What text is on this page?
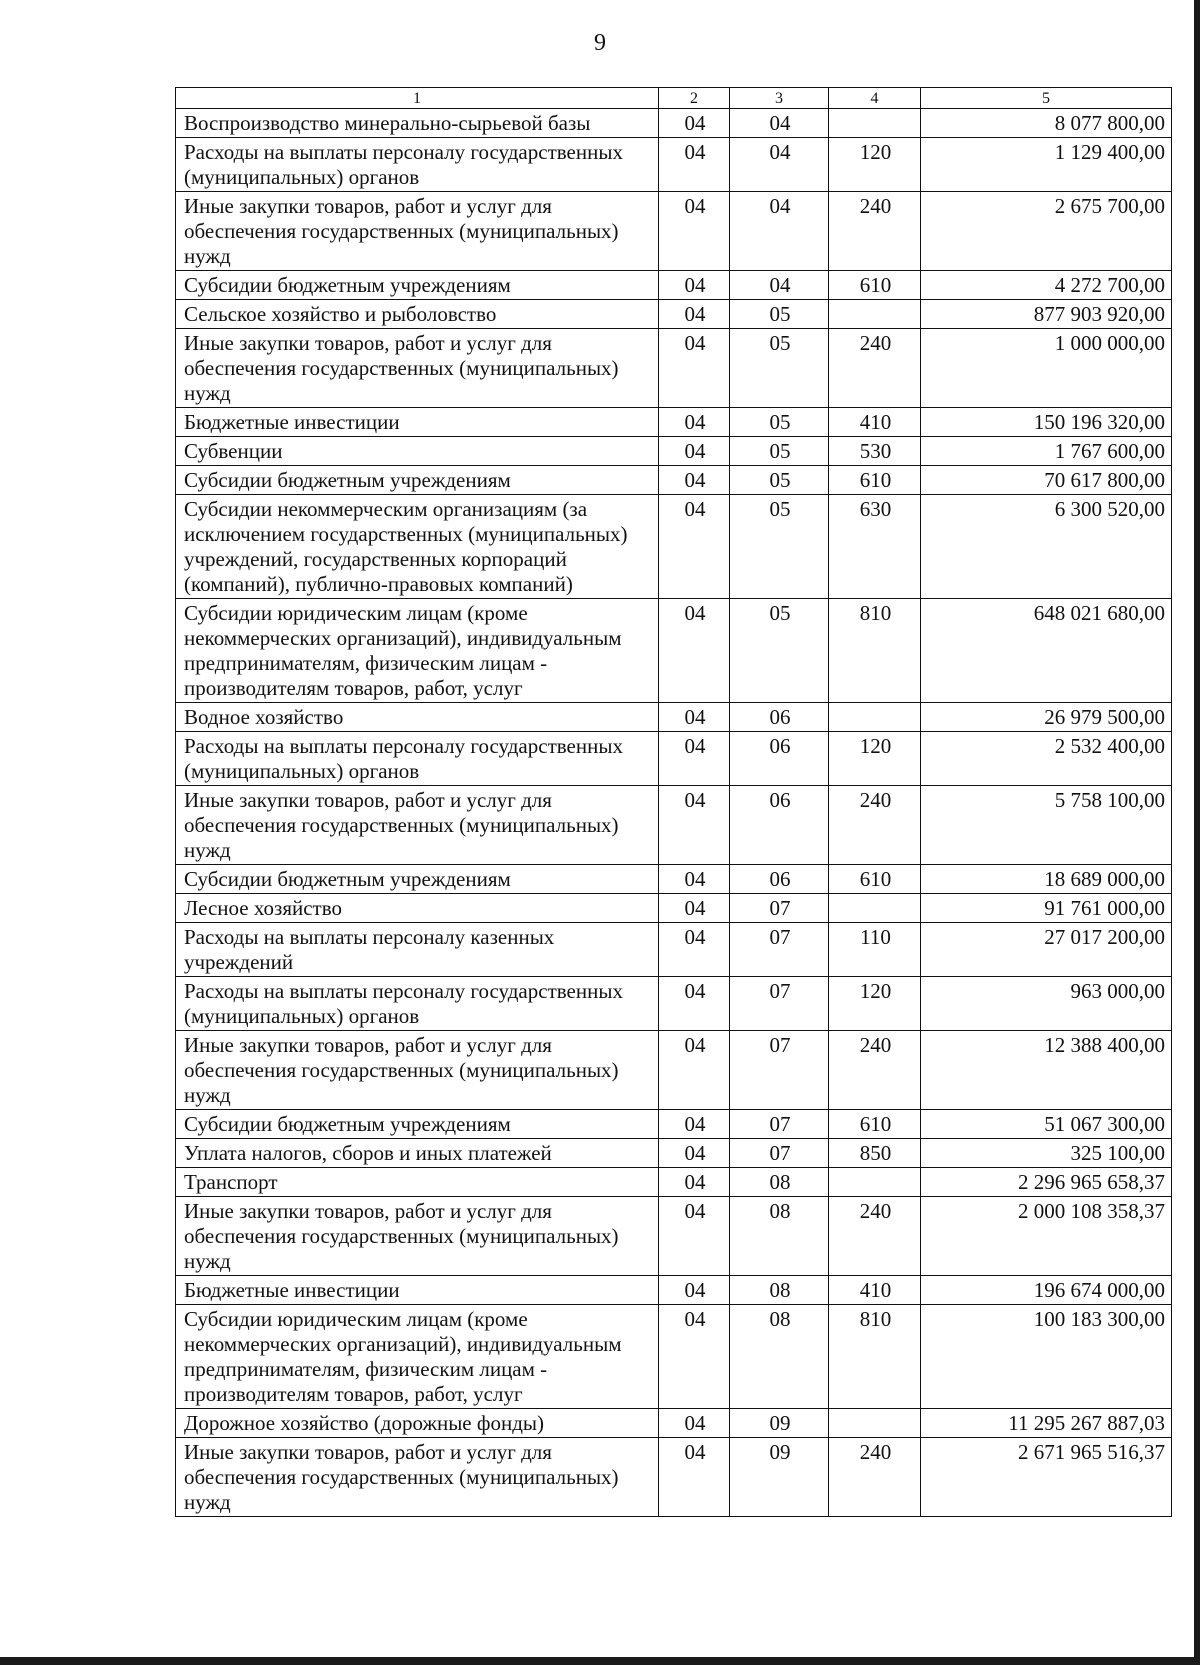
9
1	2	3	4	5
Воспроизводство минерально-сырьевой базы	04	04		8 077 800,00
Расходы на выплаты персоналу государственных (муниципальных) органов	04	04	120	1 129 400,00
Иные закупки товаров, работ и услуг для обеспечения государственных (муниципальных) нужд	04	04	240	2 675 700,00
Субсидии бюджетным учреждениям	04	04	610	4 272 700,00
Сельское хозяйство и рыболовство	04	05		877 903 920,00
Иные закупки товаров, работ и услуг для обеспечения государственных (муниципальных) нужд	04	05	240	1 000 000,00
Бюджетные инвестиции	04	05	410	150 196 320,00
Субвенции	04	05	530	1 767 600,00
Субсидии бюджетным учреждениям	04	05	610	70 617 800,00
Субсидии некоммерческим организациям (за исключением государственных (муниципальных) учреждений, государственных корпораций (компаний), публично-правовых компаний)	04	05	630	6 300 520,00
Субсидии юридическим лицам (кроме некоммерческих организаций), индивидуальным предпринимателям, физическим лицам - производителям товаров, работ, услуг	04	05	810	648 021 680,00
Водное хозяйство	04	06		26 979 500,00
Расходы на выплаты персоналу государственных (муниципальных) органов	04	06	120	2 532 400,00
Иные закупки товаров, работ и услуг для обеспечения государственных (муниципальных) нужд	04	06	240	5 758 100,00
Субсидии бюджетным учреждениям	04	06	610	18 689 000,00
Лесное хозяйство	04	07		91 761 000,00
Расходы на выплаты персоналу казенных учреждений	04	07	110	27 017 200,00
Расходы на выплаты персоналу государственных (муниципальных) органов	04	07	120	963 000,00
Иные закупки товаров, работ и услуг для обеспечения государственных (муниципальных) нужд	04	07	240	12 388 400,00
Субсидии бюджетным учреждениям	04	07	610	51 067 300,00
Уплата налогов, сборов и иных платежей	04	07	850	325 100,00
Транспорт	04	08		2 296 965 658,37
Иные закупки товаров, работ и услуг для обеспечения государственных (муниципальных) нужд	04	08	240	2 000 108 358,37
Бюджетные инвестиции	04	08	410	196 674 000,00
Субсидии юридическим лицам (кроме некоммерческих организаций), индивидуальным предпринимателям, физическим лицам - производителям товаров, работ, услуг	04	08	810	100 183 300,00
Дорожное хозяйство (дорожные фонды)	04	09		11 295 267 887,03
Иные закупки товаров, работ и услуг для обеспечения государственных (муниципальных) нужд	04	09	240	2 671 965 516,37
